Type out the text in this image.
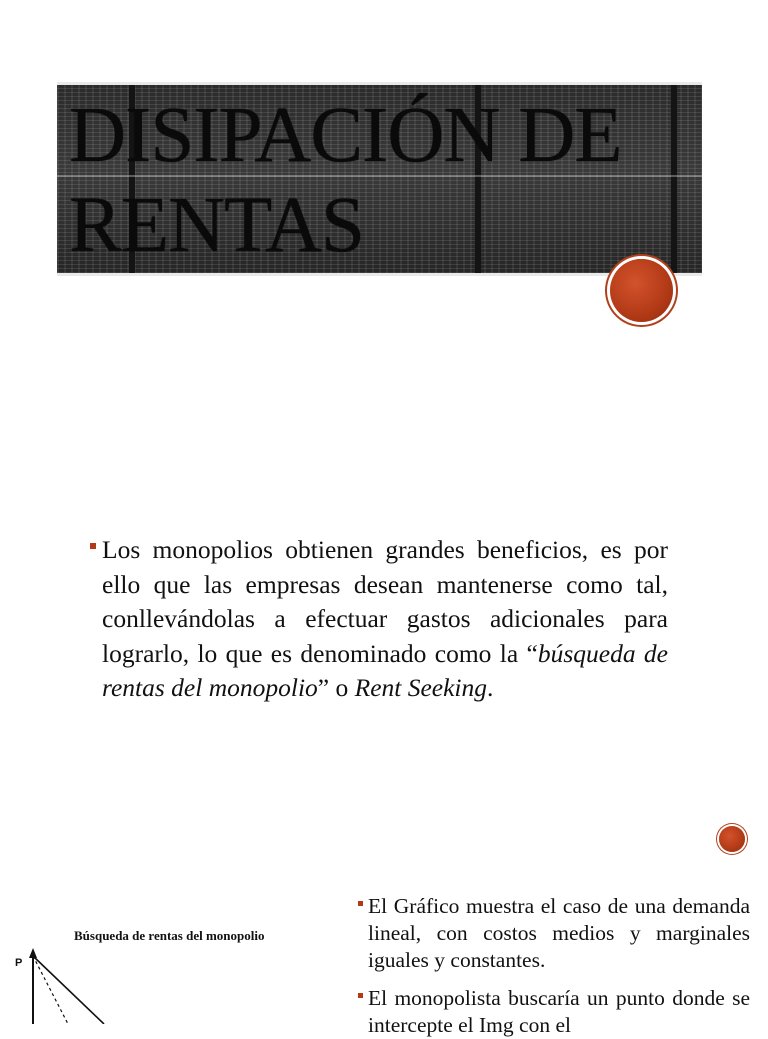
DISIPACIÓN DE
RENTAS
Los monopolios obtienen grandes beneficios, es por ello que las empresas desean mantenerse como tal, conllevándolas a efectuar gastos adicionales para lograrlo, lo que es denominado como la “búsqueda de rentas del monopolio” o Rent Seeking.
Búsqueda de rentas del monopolio
P
El Gráfico muestra el caso de una demanda lineal, con costos medios y marginales iguales y constantes.
El monopolista buscaría un punto donde se intercepte el Img con el
